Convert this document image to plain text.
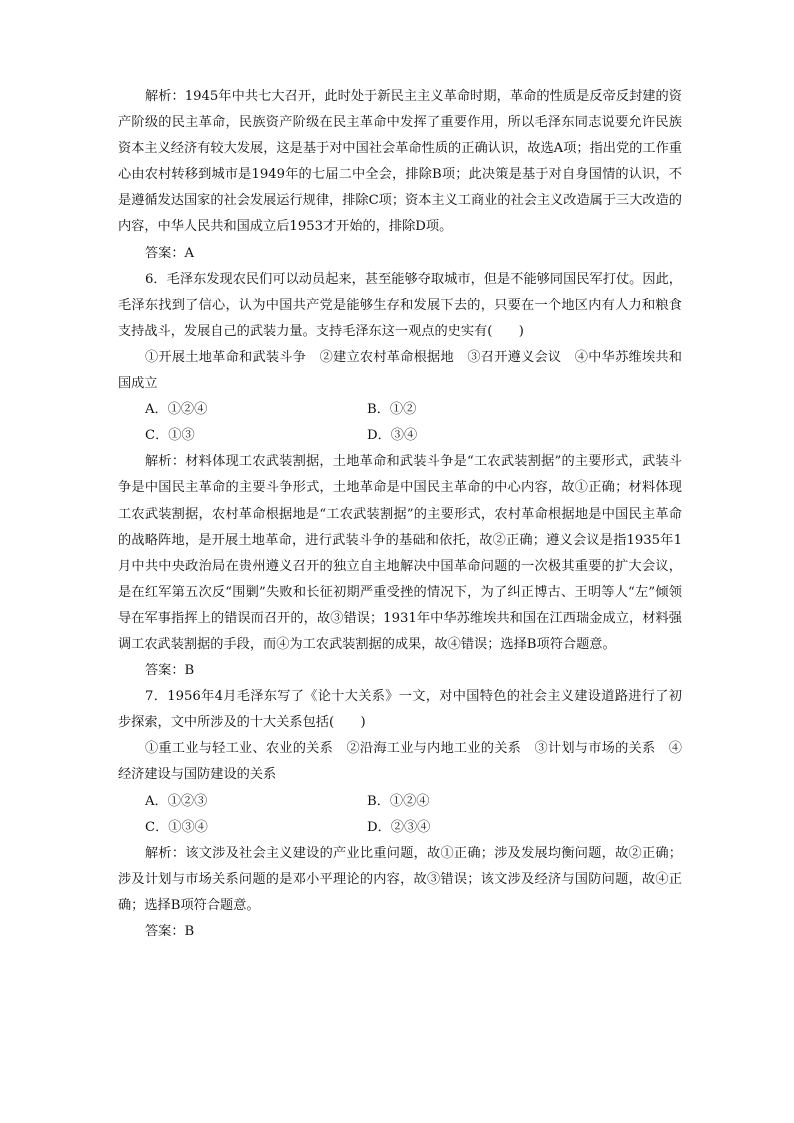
解析：1945年中共七大召开，此时处于新民主主义革命时期，革命的性质是反帝反封建的资产阶级的民主革命，民族资产阶级在民主革命中发挥了重要作用，所以毛泽东同志说要允许民族资本主义经济有较大发展，这是基于对中国社会革命性质的正确认识，故选A项；指出党的工作重心由农村转移到城市是1949年的七届二中全会，排除B项；此决策是基于对自身国情的认识，不是遵循发达国家的社会发展运行规律，排除C项；资本主义工商业的社会主义改造属于三大改造的内容，中华人民共和国成立后1953才开始的，排除D项。

答案：A

6．毛泽东发现农民们可以动员起来，甚至能够夺取城市，但是不能够同国民军打仗。因此，毛泽东找到了信心，认为中国共产党是能够生存和发展下去的，只要在一个地区内有人力和粮食支持战斗，发展自己的武装力量。支持毛泽东这一观点的史实有(　　)

①开展土地革命和武装斗争　②建立农村革命根据地　③召开遵义会议　④中华苏维埃共和国成立

A．①②④	B．①②
C．①③	D．③④

解析：材料体现工农武装割据，土地革命和武装斗争是“工农武装割据”的主要形式，武装斗争是中国民主革命的主要斗争形式，土地革命是中国民主革命的中心内容，故①正确；材料体现工农武装割据，农村革命根据地是“工农武装割据”的主要形式，农村革命根据地是中国民主革命的战略阵地，是开展土地革命，进行武装斗争的基础和依托，故②正确；遵义会议是指1935年1月中共中央政治局在贵州遵义召开的独立自主地解决中国革命问题的一次极其重要的扩大会议，是在红军第五次反“围剿”失败和长征初期严重受挫的情况下，为了纠正博古、王明等人“左”倾领导在军事指挥上的错误而召开的，故③错误；1931年中华苏维埃共和国在江西瑞金成立，材料强调工农武装割据的手段，而④为工农武装割据的成果，故④错误；选择B项符合题意。

答案：B

7．1956年4月毛泽东写了《论十大关系》一文，对中国特色的社会主义建设道路进行了初步探索，文中所涉及的十大关系包括(　　)

①重工业与轻工业、农业的关系　②沿海工业与内地工业的关系　③计划与市场的关系　④经济建设与国防建设的关系

A．①②③	B．①②④
C．①③④	D．②③④

解析：该文涉及社会主义建设的产业比重问题，故①正确；涉及发展均衡问题，故②正确；涉及计划与市场关系问题的是邓小平理论的内容，故③错误；该文涉及经济与国防问题，故④正确；选择B项符合题意。

答案：B
